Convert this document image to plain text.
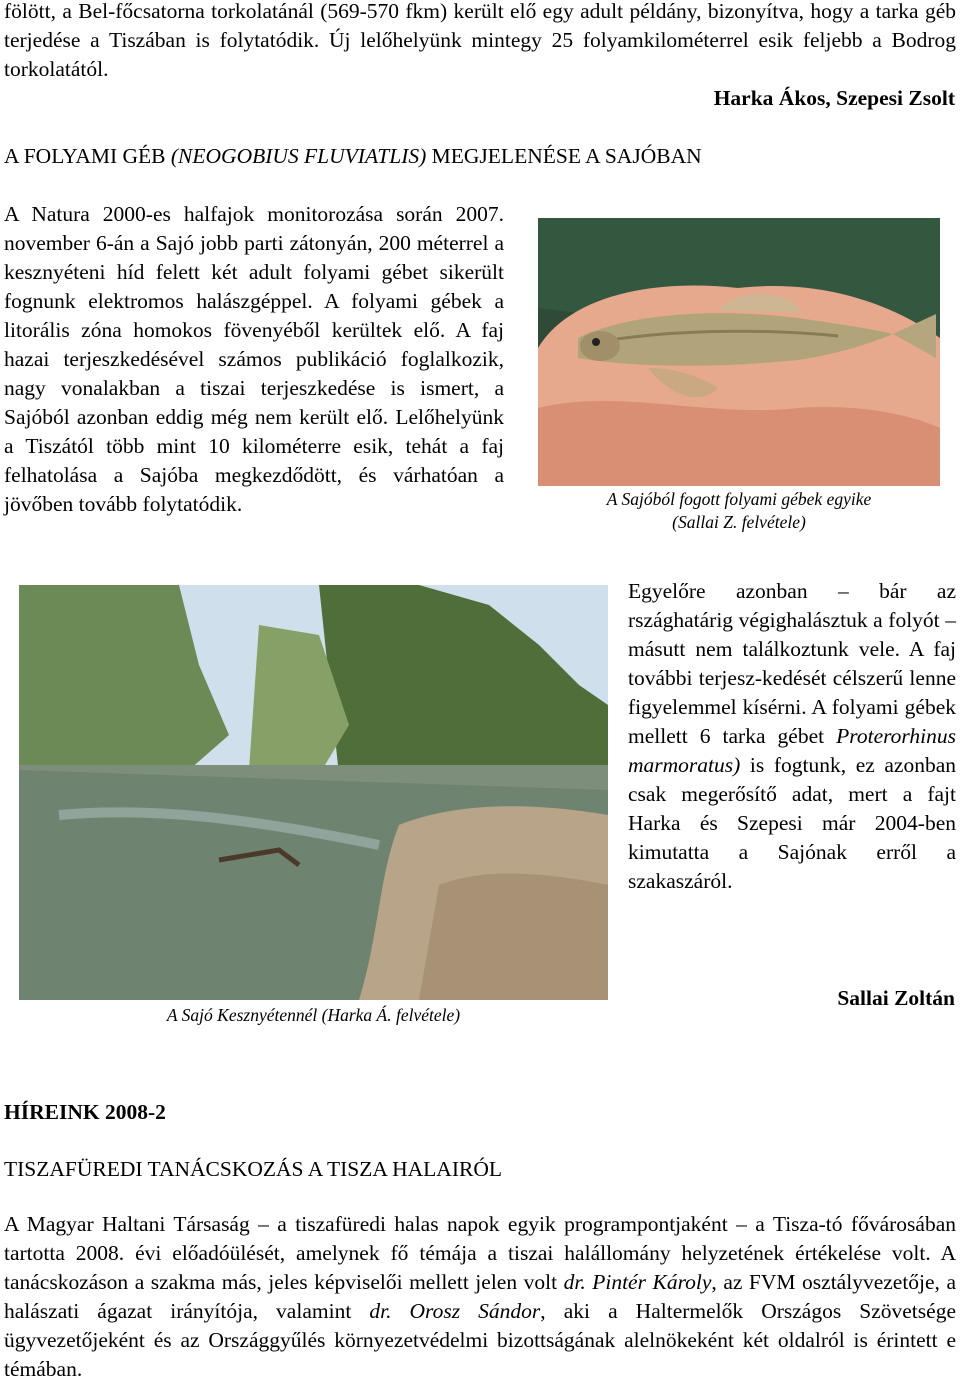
fölött, a Bel-főcsatorna torkolatánál (569-570 fkm) került elő egy adult példány, bizonyítva, hogy a tarka géb terjedése a Tiszában is folytatódik. Új lelőhelyünk mintegy 25 folyamkilométerrel esik feljebb a Bodrog torkolatától.

Harka Ákos, Szepesi Zsolt

A FOLYAMI GÉB (NEOGOBIUS FLUVIATLIS) MEGJELENÉSE A SAJÓBAN

A Natura 2000-es halfajok monitorozása során 2007. november 6-án a Sajó jobb parti zátonyán, 200 méterrel a kesznyéteni híd felett két adult folyami gébet sikerült fognunk elektromos halászgéppel. A folyami gébek a litorális zóna homokos fövenyéből kerültek elő. A faj hazai terjeszkedésével számos publikáció foglalkozik, nagy vonalakban a tiszai terjeszkedése is ismert, a Sajóból azonban eddig még nem került elő. Lelőhelyünk a Tiszától több mint 10 kilométerre esik, tehát a faj felhatolása a Sajóba megkezdődött, és várhatóan a jövőben tovább folytatódik.	A Sajóból fogott folyami gébek egyike
(Sallai Z. felvétele)

A Sajó Kesznyétennél (Harka Á. felvétele)

Egyelőre azonban – bár az rszághatárig végighalásztuk a folyót – másutt nem találkoztunk vele. A faj további terjesz-kedését célszerű lenne figyelemmel kísérni. A folyami gébek mellett 6 tarka gébet Proterorhinus marmoratus) is fogtunk, ez azonban csak megerősítő adat, mert a fajt Harka és Szepesi már 2004-ben kimutatta a Sajónak erről a szakaszáról.

Sallai Zoltán

HÍREINK 2008-2

TISZAFÜREDI TANÁCSKOZÁS A TISZA HALAIRÓL

A Magyar Haltani Társaság – a tiszafüredi halas napok egyik programpontjaként – a Tisza-tó fővárosában tartotta 2008. évi előadóülését, amelynek fő témája a tiszai halállomány helyzetének értékelése volt. A tanácskozáson a szakma más, jeles képviselői mellett jelen volt dr. Pintér Károly, az FVM osztályvezetője, a halászati ágazat irányítója, valamint dr. Orosz Sándor, aki a Haltermelők Országos Szövetsége ügyvezetőjeként és az Országgyűlés környezetvédelmi bizottságának alelnökeként két oldalról is érintett e témában.
